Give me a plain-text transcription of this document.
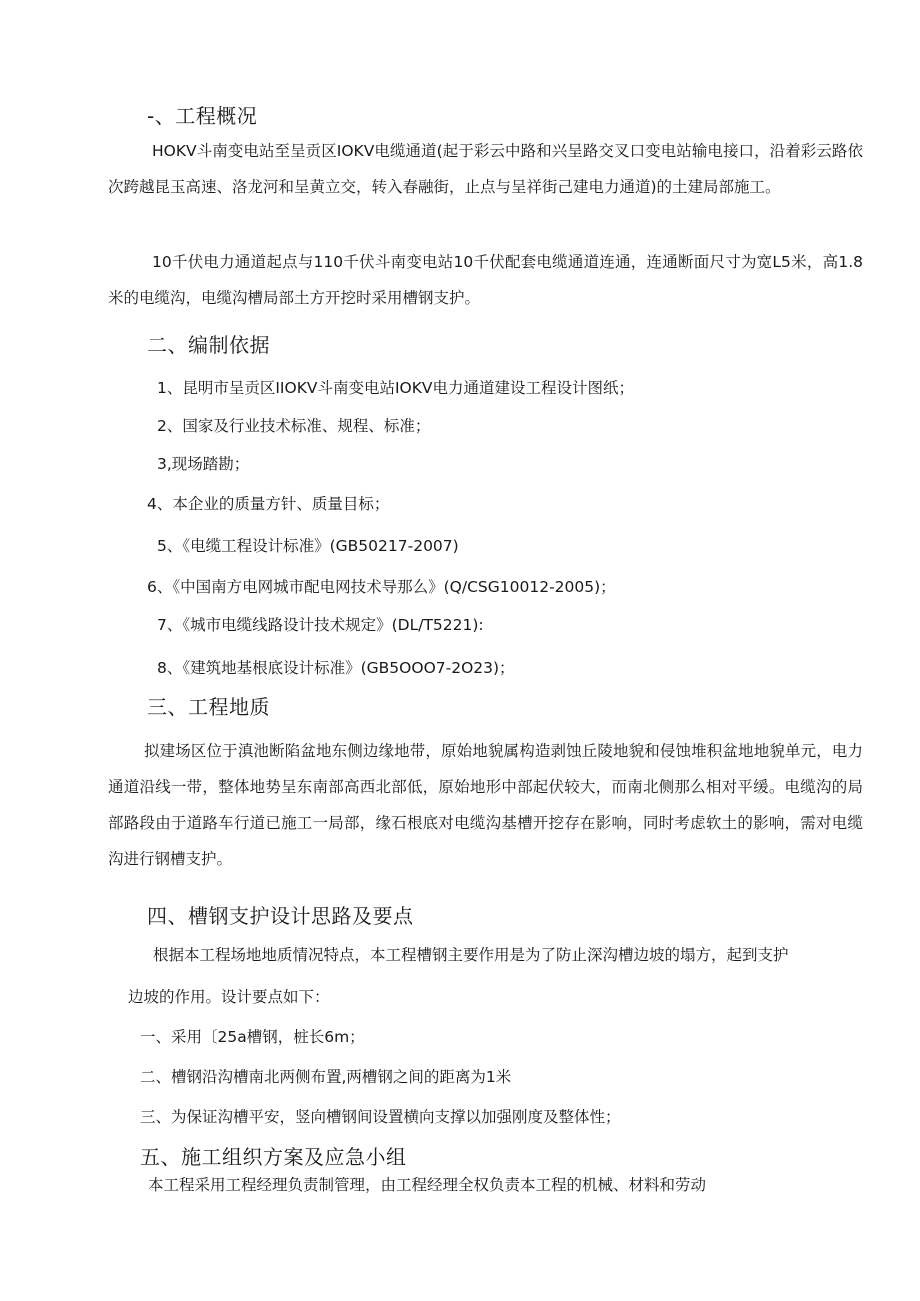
-、工程概况

HOKV斗南变电站至呈贡区IOKV电缆通道(起于彩云中路和兴呈路交叉口变电站输电接口，沿着彩云路依次跨越昆玉高速、洛龙河和呈黄立交，转入春融街，止点与呈祥街己建电力通道)的土建局部施工。

10千伏电力通道起点与110千伏斗南变电站10千伏配套电缆通道连通，连通断面尺寸为宽L5米，高1.8米的电缆沟，电缆沟槽局部土方开挖时采用槽钢支护。

二、编制依据

1、昆明市呈贡区IIOKV斗南变电站IOKV电力通道建设工程设计图纸；

2、国家及行业技术标准、规程、标准；

3,现场踏勘；

4、本企业的质量方针、质量目标；

5、《电缆工程设计标准》(GB50217-2007)

6、《中国南方电网城市配电网技术导那么》(Q/CSG10012-2005)；

7、《城市电缆线路设计技术规定》(DL/T5221):

8、《建筑地基根底设计标准》(GB5OOO7-2O23)；

三、工程地质

拟建场区位于滇池断陷盆地东侧边缘地带，原始地貌属构造剥蚀丘陵地貌和侵蚀堆积盆地地貌单元，电力通道沿线一带，整体地势呈东南部高西北部低，原始地形中部起伏较大，而南北侧那么相对平缓。电缆沟的局部路段由于道路车行道已施工一局部，缘石根底对电缆沟基槽开挖存在影响，同时考虑软土的影响，需对电缆沟进行钢槽支护。

四、槽钢支护设计思路及要点

根据本工程场地地质情况特点，本工程槽钢主要作用是为了防止深沟槽边坡的塌方，起到支护

边坡的作用。设计要点如下：

一、采用〔25a槽钢，桩长6m；

二、槽钢沿沟槽南北两侧布置,两槽钢之间的距离为1米

三、为保证沟槽平安，竖向槽钢间设置横向支撑以加强刚度及整体性；

五、施工组织方案及应急小组

本工程采用工程经理负责制管理，由工程经理全权负责本工程的机械、材料和劳动
